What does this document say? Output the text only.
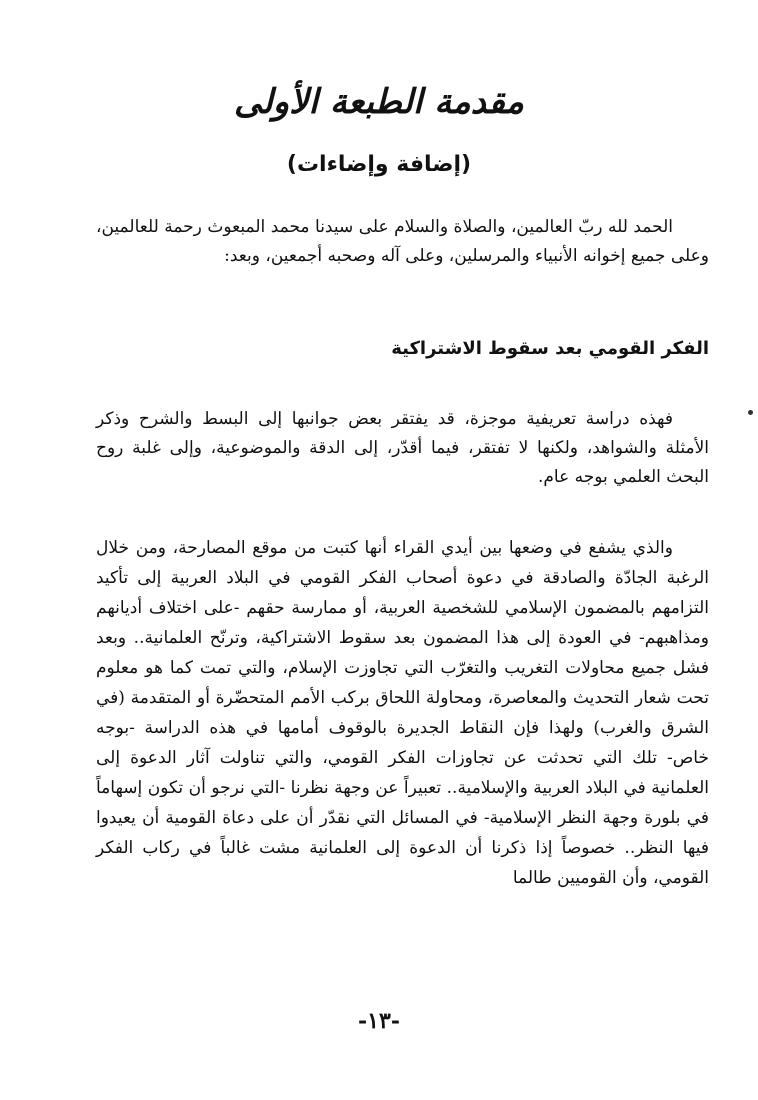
مقدمة الطبعة الأولى
(إضافة وإضاءات)
الحمد لله ربّ العالمين، والصلاة والسلام على سيدنا محمد المبعوث رحمة للعالمين، وعلى جميع إخوانه الأنبياء والمرسلين، وعلى آله وصحبه أجمعين، وبعد:
الفكر القومي بعد سقوط الاشتراكية
فهذه دراسة تعريفية موجزة، قد يفتقر بعض جوانبها إلى البسط والشرح وذكر الأمثلة والشواهد، ولكنها لا تفتقر، فيما أقدّر، إلى الدقة والموضوعية، وإلى غلبة روح البحث العلمي بوجه عام.
والذي يشفع في وضعها بين أيدي القراء أنها كتبت من موقع المصارحة، ومن خلال الرغبة الجادّة والصادقة في دعوة أصحاب الفكر القومي في البلاد العربية إلى تأكيد التزامهم بالمضمون الإسلامي للشخصية العربية، أو ممارسة حقهم -على اختلاف أديانهم ومذاهبهم- في العودة إلى هذا المضمون بعد سقوط الاشتراكية، وترنّح العلمانية.. وبعد فشل جميع محاولات التغريب والتغرّب التي تجاوزت الإسلام، والتي تمت كما هو معلوم تحت شعار التحديث والمعاصرة، ومحاولة اللحاق بركب الأمم المتحضّرة أو المتقدمة (في الشرق والغرب) ولهذا فإن النقاط الجديرة بالوقوف أمامها في هذه الدراسة -بوجه خاص- تلك التي تحدثت عن تجاوزات الفكر القومي، والتي تناولت آثار الدعوة إلى العلمانية في البلاد العربية والإسلامية.. تعبيراً عن وجهة نظرنا -التي نرجو أن تكون إسهاماً في بلورة وجهة النظر الإسلامية- في المسائل التي نقدّر أن على دعاة القومية أن يعيدوا فيها النظر.. خصوصاً إذا ذكرنا أن الدعوة إلى العلمانية مشت غالباً في ركاب الفكر القومي، وأن القوميين طالما
-١٣-
